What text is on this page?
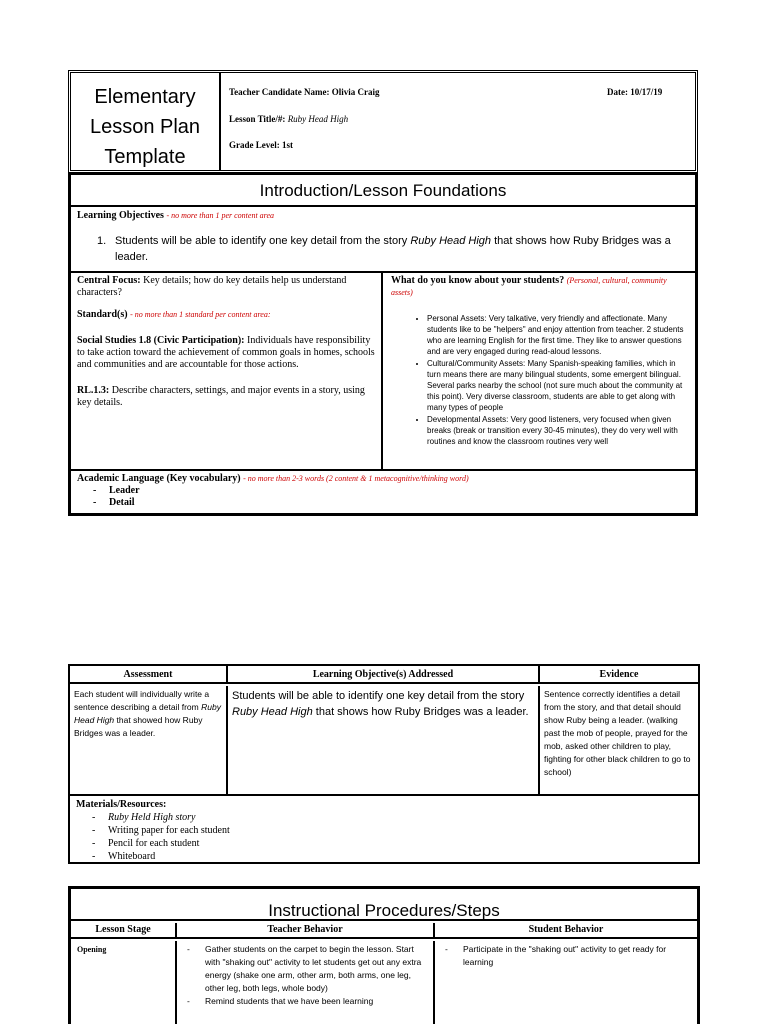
Elementary
Lesson Plan
Template
Teacher Candidate Name: Olivia Craig	Date: 10/17/19
Lesson Title/#: Ruby Head High
Grade Level: 1st
Introduction/Lesson Foundations
Learning Objectives - no more than 1 per content area
1. Students will be able to identify one key detail from the story Ruby Head High that shows how Ruby Bridges was a leader.

Central Focus: Key details; how do key details help us understand characters?

Standard(s) - no more than 1 standard per content area:

Social Studies 1.8 (Civic Participation): Individuals have responsibility to take action toward the achievement of common goals in homes, schools and communities and are accountable for those actions.

RL.1.3: Describe characters, settings, and major events in a story, using key details.

What do you know about your students? (Personal, cultural, community assets)
• Personal Assets: Very talkative, very friendly and affectionate. Many students like to be "helpers" and enjoy attention from teacher. 2 students who are learning English for the first time. They like to answer questions and are very engaged during read-aloud lessons.
• Cultural/Community Assets: Many Spanish-speaking families, which in turn means there are many bilingual students, some emergent bilingual. Several parks nearby the school (not sure much about the community at this point). Very diverse classroom, students are able to get along with many types of people
• Developmental Assets: Very good listeners, very focused when given breaks (break or transition every 30-45 minutes), they do very well with routines and know the classroom routines very well
Academic Language (Key vocabulary) - no more than 2-3 words (2 content & 1 metacognitive/thinking word)
- Leader
- Detail
Assessment	Learning Objective(s) Addressed	Evidence
Each student will individually write a sentence describing a detail from Ruby Head High that showed how Ruby Bridges was a leader.
Students will be able to identify one key detail from the story Ruby Head High that shows how Ruby Bridges was a leader.
Sentence correctly identifies a detail from the story, and that detail should show Ruby being a leader. (walking past the mob of people, prayed for the mob, asked other children to play, fighting for other black children to go to school)
Materials/Resources:
- Ruby Held High story
- Writing paper for each student
- Pencil for each student
- Whiteboard
Instructional Procedures/Steps
Lesson Stage	Teacher Behavior	Student Behavior
Opening
-	Gather students on the carpet to begin the lesson. Start with "shaking out" activity to let students get out any extra energy (shake one arm, other arm, both arms, one leg, other leg, both legs, whole body)
- Remind students that we have been learning
- Participate in the "shaking out" activity to get ready for learning
